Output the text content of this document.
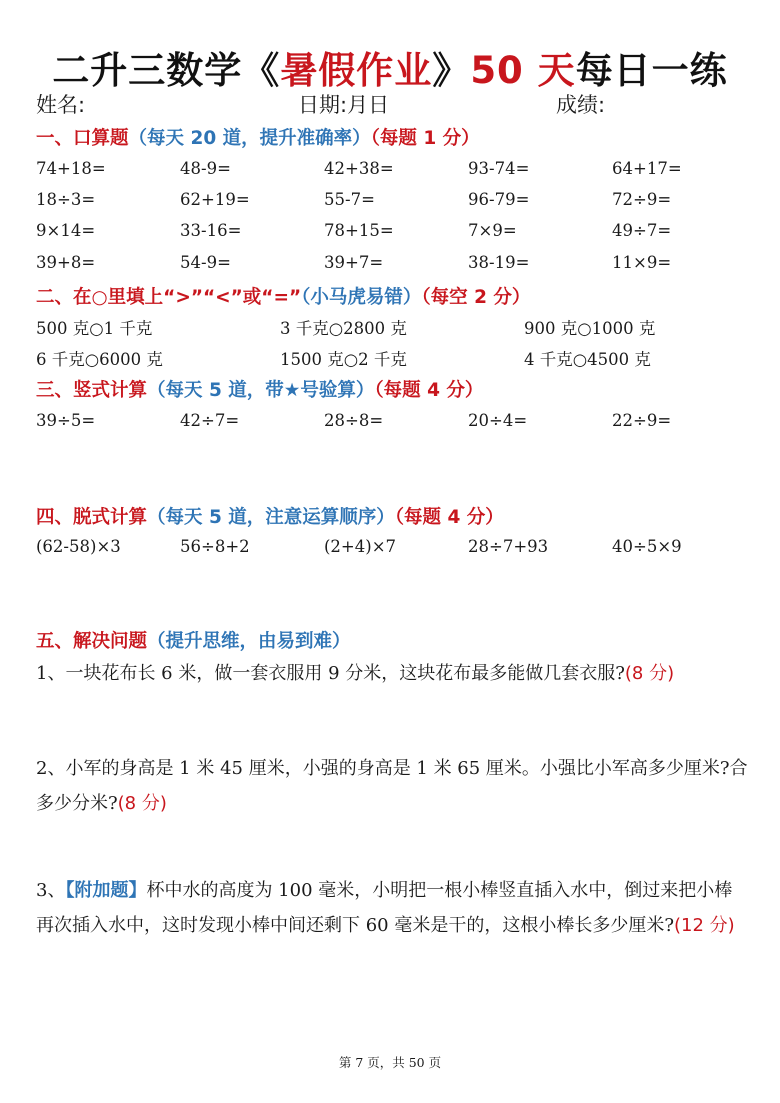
二升三数学《暑假作业》50 天每日一练
姓名:	日期:
月
日	成绩:
一、口算题（每天 20 道，提升准确率）（每题 1 分）
74+18=	48-9=	42+38=	93-74=	64+17=
18÷3=	62+19=	55-7=	96-79=	72÷9=
9×14=	33-16=	78+15=	7×9=	49÷7=
39+8=	54-9=	39+7=	38-19=	11×9=
二、在○里填上“>”“<”或“=”（小马虎易错）（每空 2 分）
500 克○1 千克	3 千克○2800 克	900 克○1000 克
6 千克○6000 克	1500 克○2 千克	4 千克○4500 克
三、竖式计算（每天 5 道，带★号验算）（每题 4 分）
39÷5=	42÷7=	28÷8=	20÷4=	22÷9=
四、脱式计算（每天 5 道，注意运算顺序）（每题 4 分）
(62-58)×3	56÷8+2	(2+4)×7	28÷7+93	40÷5×9
五、解决问题（提升思维，由易到难）
1、一块花布长 6 米，做一套衣服用 9 分米，这块花布最多能做几套衣服?(8 分)
2、小军的身高是 1 米 45 厘米，小强的身高是 1 米 65 厘米。小强比小军高多少厘米?合多少分米?(8 分)
3、【附加题】杯中水的高度为 100 毫米，小明把一根小棒竖直插入水中，倒过来把小棒再次插入水中，这时发现小棒中间还剩下 60 毫米是干的，这根小棒长多少厘米?(12 分)
第 7 页，共 50 页
